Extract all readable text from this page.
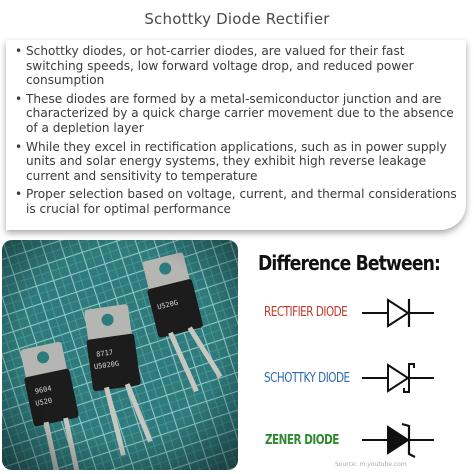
Schottky Diode Rectifier
• Schottky diodes, or hot-carrier diodes, are valued for their fast switching speeds, low forward voltage drop, and reduced power consumption
• These diodes are formed by a metal-semiconductor junction and are characterized by a quick charge carrier movement due to the absence of a depletion layer
• While they excel in rectification applications, such as in power supply units and solar energy systems, they exhibit high reverse leakage current and sensitivity to temperature
• Proper selection based on voltage, current, and thermal considerations is crucial for optimal performance
Difference Between:
RECTIFIER DIODE
SCHOTTKY DIODE
ZENER DIODE
Source: m.youtube.com
